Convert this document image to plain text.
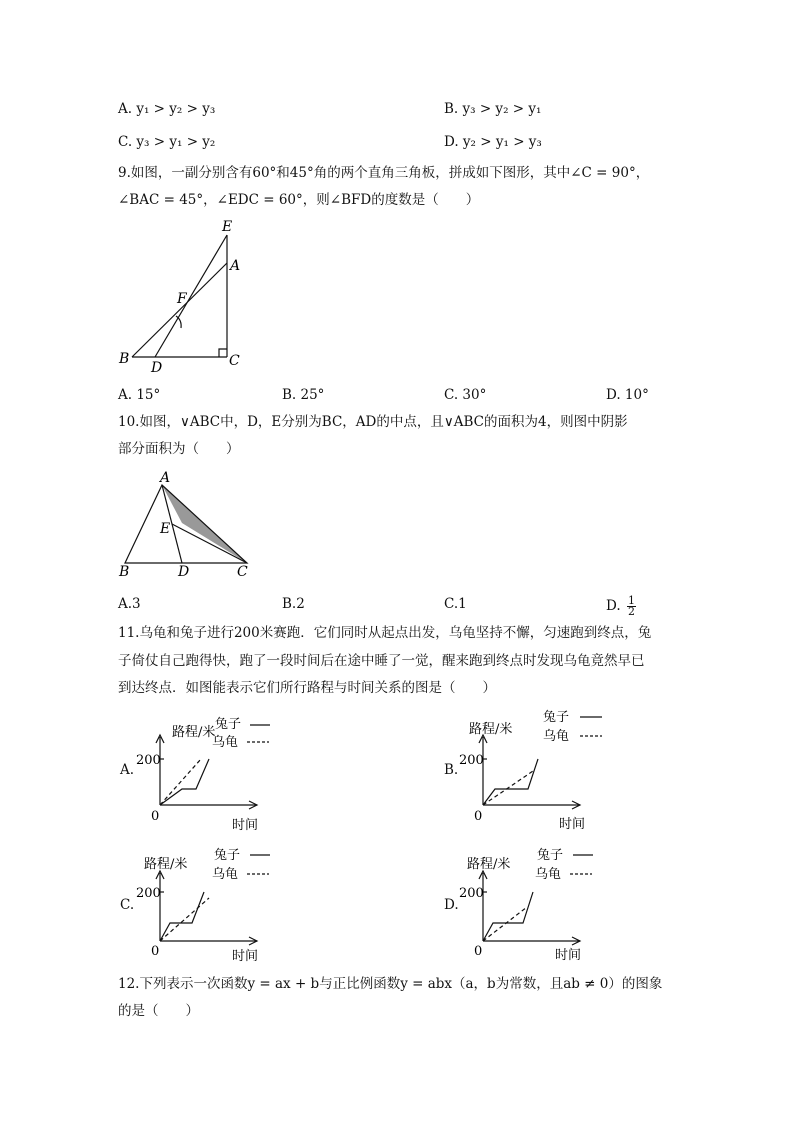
A. y₁ > y₂ > y₃	B. y₃ > y₂ > y₁
C. y₃ > y₁ > y₂	D. y₂ > y₁ > y₃
9.如图，一副分别含有60°和45°角的两个直角三角板，拼成如下图形，其中∠C = 90°，
∠BAC = 45°，∠EDC = 60°，则∠BFD的度数是（　　）
E
A
F
B
D	C
A. 15°	B. 25°	C. 30°	D. 10°
10.如图，∨ABC中，D，E分别为BC，AD的中点，且∨ABC的面积为4，则图中阴影
部分面积为（　　）
A
E
B	D	C
A.3	B.2	C.1	D. $\frac{1}{2}$
11.乌龟和兔子进行200米赛跑．它们同时从起点出发，乌龟坚持不懈，匀速跑到终点，兔
子倚仗自己跑得快，跑了一段时间后在途中睡了一觉，醒来跑到终点时发现乌龟竟然早已
到达终点．如图能表示它们所行路程与时间关系的图是（　　）
A.	B.
C.	D.
路程/米
200
0
时间
兔子
乌龟
路程/米
200
0
时间
兔子
乌龟
路程/米
200
0	时间
兔子
乌龟
路程/米
200
0	时间
兔子
乌龟
12.下列表示一次函数y = ax + b与正比例函数y = abx（a，b为常数，且ab ≠ 0）的图象
的是（　　）
